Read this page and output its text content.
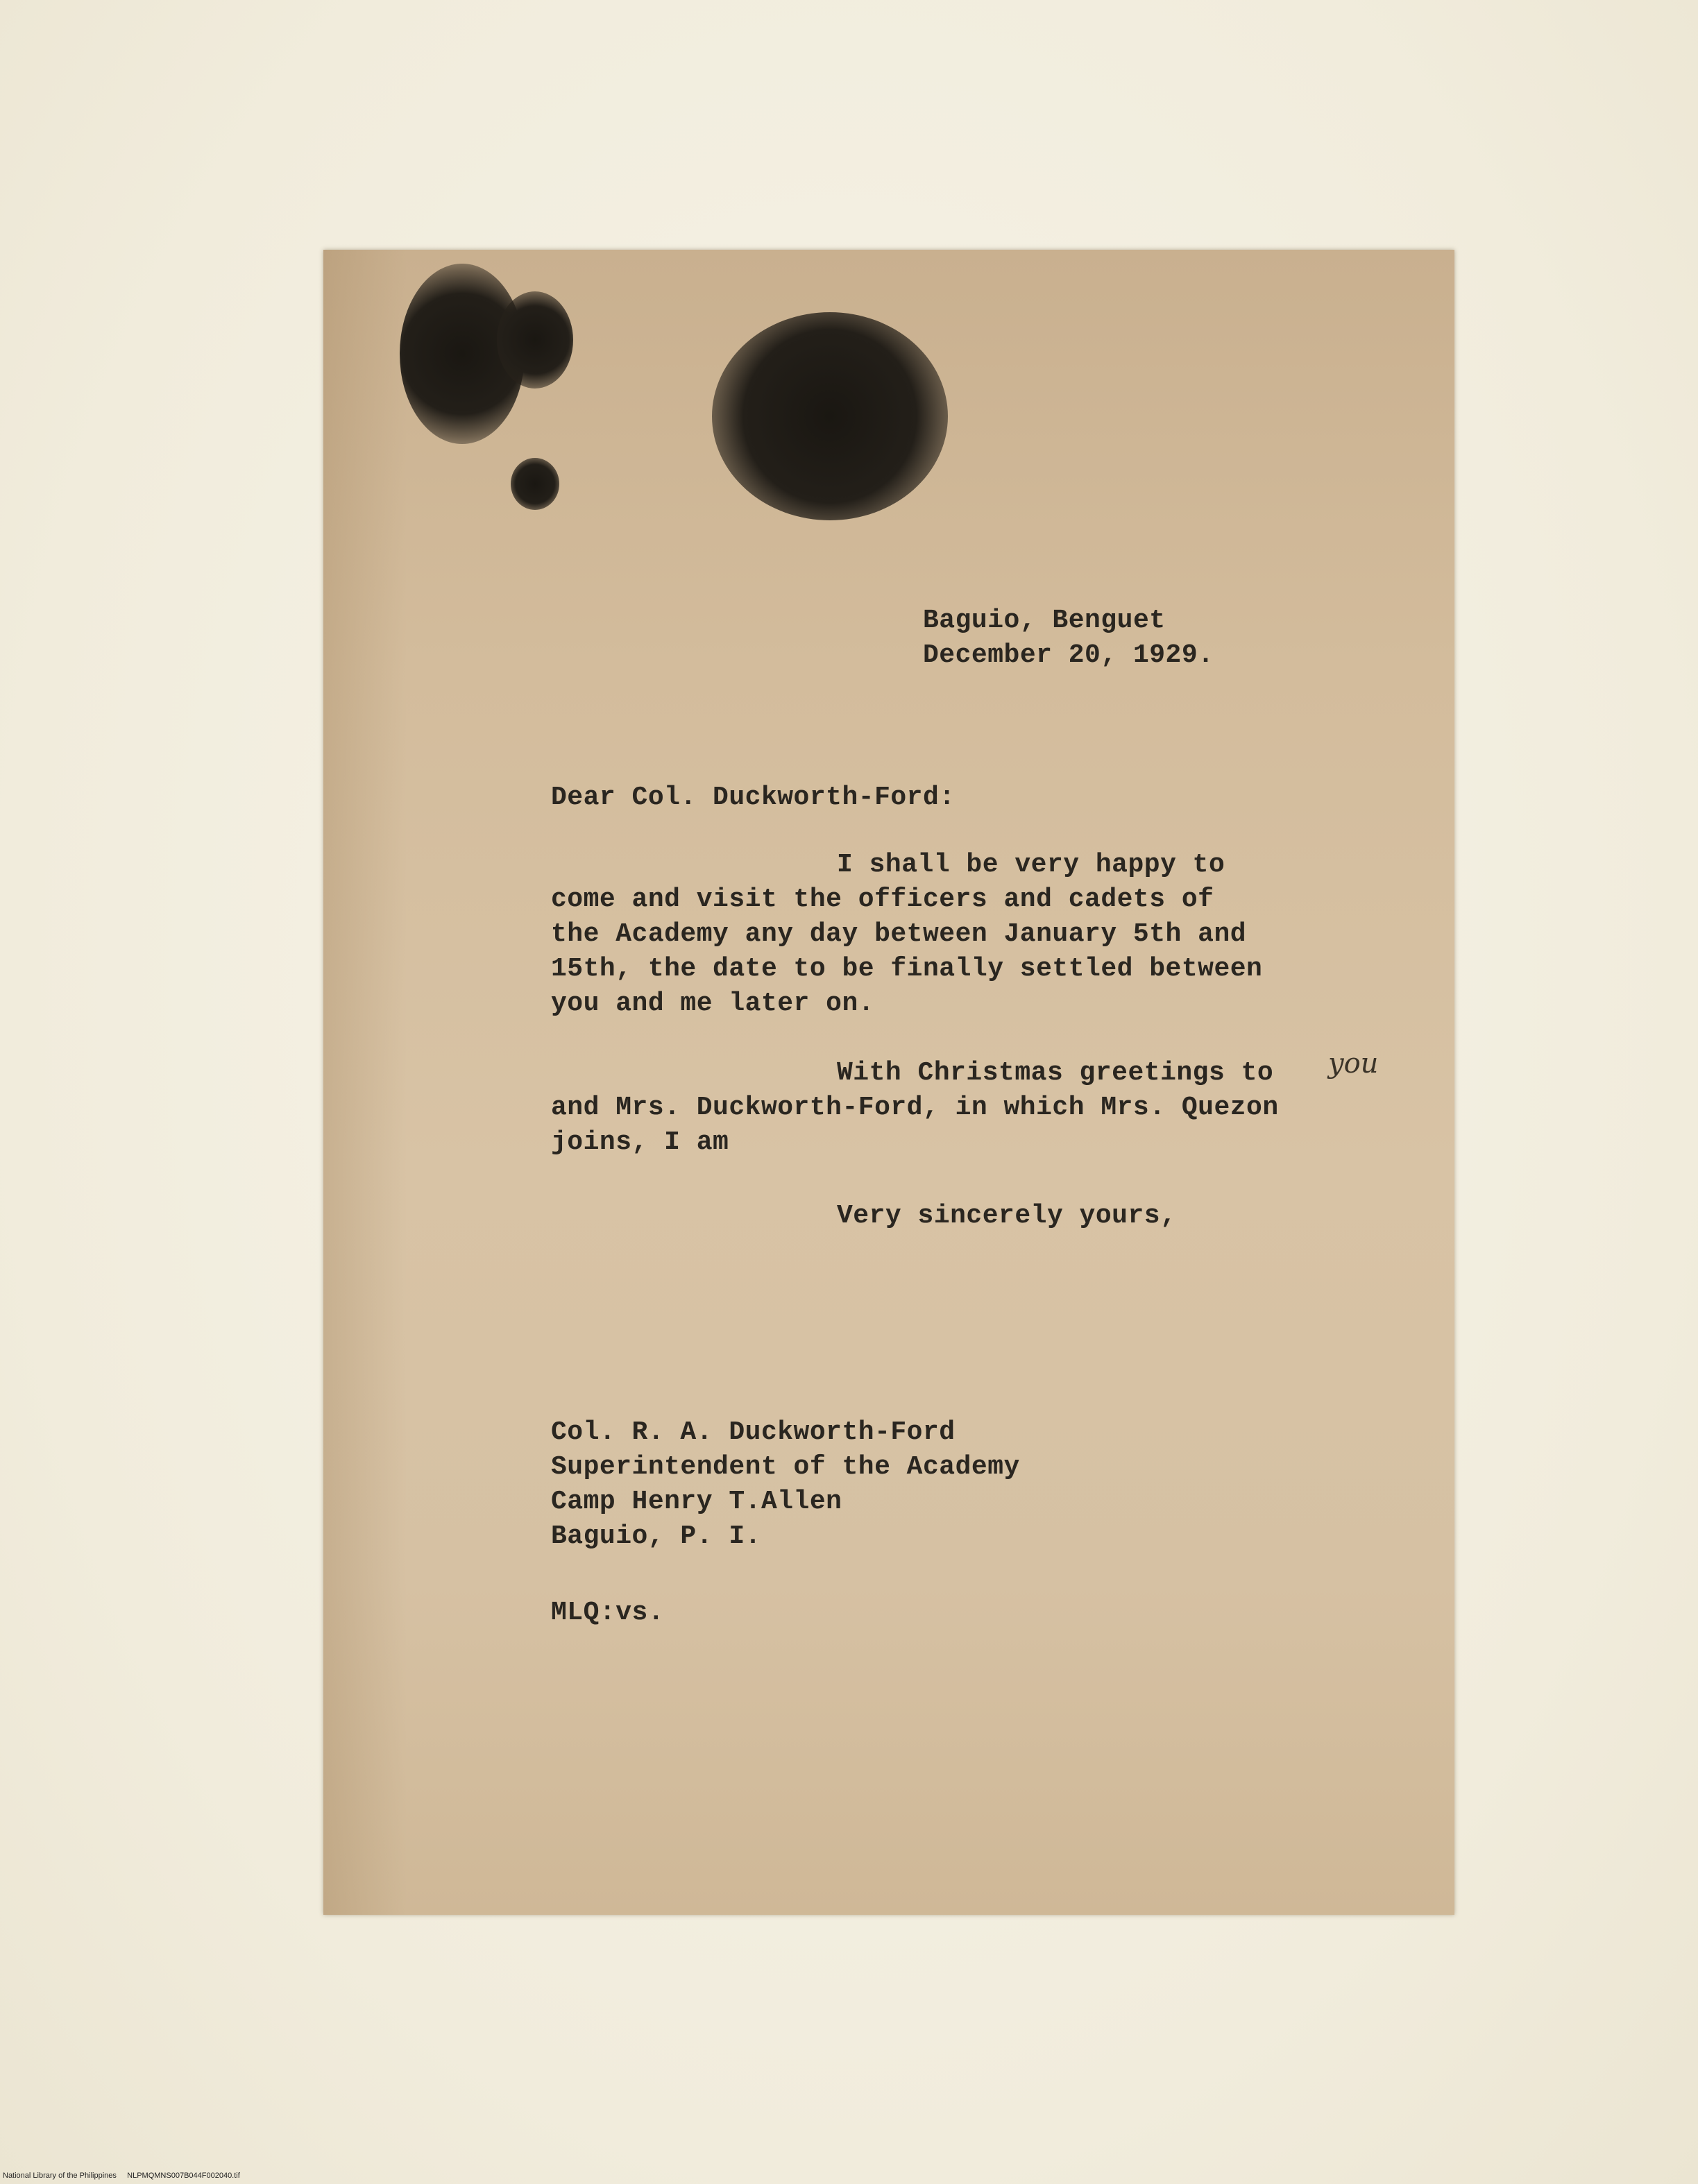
Baguio, Benguet
December 20, 1929.
Dear Col. Duckworth-Ford:
I shall be very happy to
come and visit the officers and cadets of
the Academy any day between January 5th and
15th, the date to be finally settled between
you and me later on.
With Christmas greetings to you
and Mrs. Duckworth-Ford, in which Mrs. Quezon
joins, I am
Very sincerely yours,
Col. R. A. Duckworth-Ford
Superintendent of the Academy
Camp Henry T.Allen
Baguio, P. I.
MLQ:vs.
National Library of the Philippines NLPMQMNS007B044F002040.tif
